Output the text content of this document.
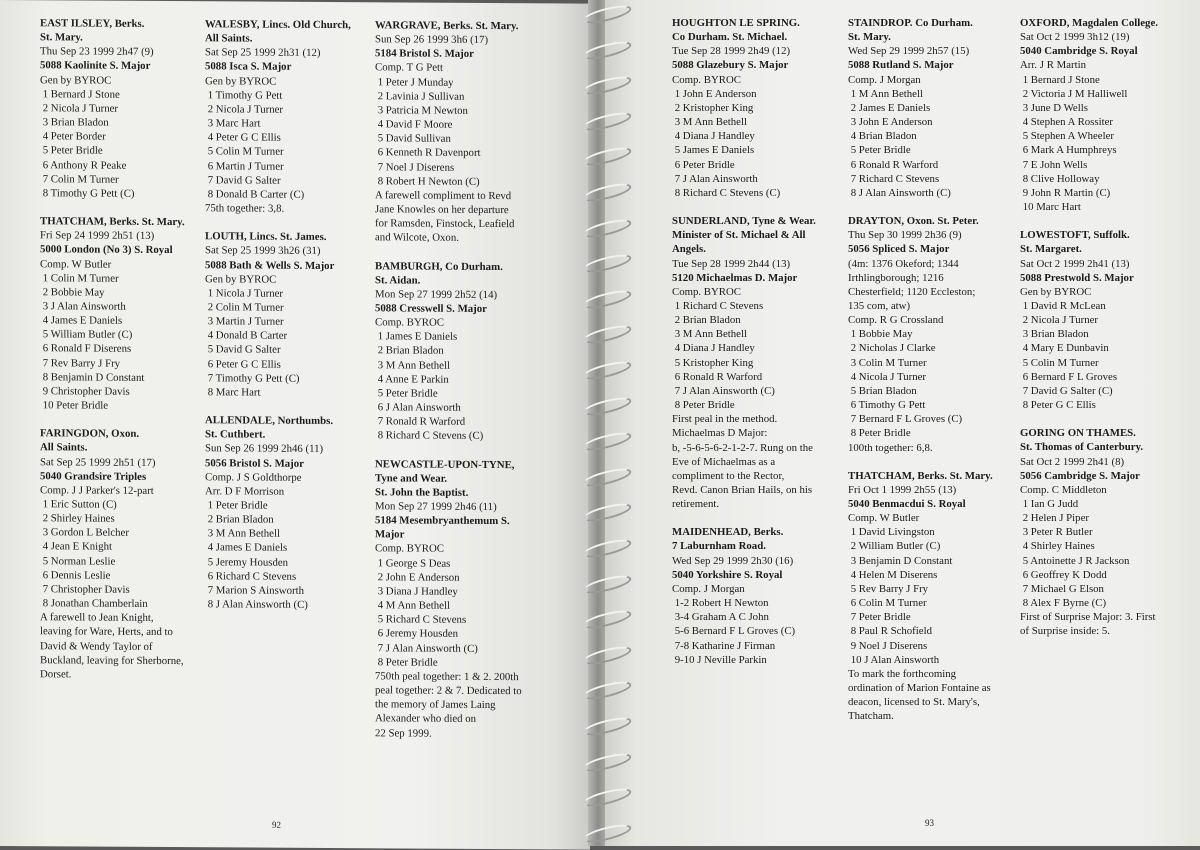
EAST ILSLEY, Berks.
St. Mary.
Thu Sep 23 1999 2h47 (9)
5088 Kaolinite S. Major
Gen by BYROC
1 Bernard J Stone
2 Nicola J Turner
3 Brian Bladon
4 Peter Border
5 Peter Bridle
6 Anthony R Peake
7 Colin M Turner
8 Timothy G Pett (C)
THATCHAM, Berks. St. Mary.
Fri Sep 24 1999 2h51 (13)
5000 London (No 3) S. Royal
Comp. W Butler
1 Colin M Turner
2 Bobbie May
3 J Alan Ainsworth
4 James E Daniels
5 William Butler (C)
6 Ronald F Diserens
7 Rev Barry J Fry
8 Benjamin D Constant
9 Christopher Davis
10 Peter Bridle
FARINGDON, Oxon.
All Saints.
Sat Sep 25 1999 2h51 (17)
5040 Grandsire Triples
Comp. J J Parker's 12-part
1 Eric Sutton (C)
2 Shirley Haines
3 Gordon L Belcher
4 Jean E Knight
5 Norman Leslie
6 Dennis Leslie
7 Christopher Davis
8 Jonathan Chamberlain
A farewell to Jean Knight,
leaving for Ware, Herts, and to
David & Wendy Taylor of
Buckland, leaving for Sherborne,
Dorset.
WALESBY, Lincs. Old Church,
All Saints.
Sat Sep 25 1999 2h31 (12)
5088 Isca S. Major
Gen by BYROC
1 Timothy G Pett
2 Nicola J Turner
3 Marc Hart
4 Peter G C Ellis
5 Colin M Turner
6 Martin J Turner
7 David G Salter
8 Donald B Carter (C)
75th together: 3,8.
LOUTH, Lincs. St. James.
Sat Sep 25 1999 3h26 (31)
5088 Bath & Wells S. Major
Gen by BYROC
1 Nicola J Turner
2 Colin M Turner
3 Martin J Turner
4 Donald B Carter
5 David G Salter
6 Peter G C Ellis
7 Timothy G Pett (C)
8 Marc Hart
ALLENDALE, Northumbs.
St. Cuthbert.
Sun Sep 26 1999 2h46 (11)
5056 Bristol S. Major
Comp. J S Goldthorpe
Arr. D F Morrison
1 Peter Bridle
2 Brian Bladon
3 M Ann Bethell
4 James E Daniels
5 Jeremy Housden
6 Richard C Stevens
7 Marion S Ainsworth
8 J Alan Ainsworth (C)
WARGRAVE, Berks. St. Mary.
Sun Sep 26 1999 3h6 (17)
5184 Bristol S. Major
Comp. T G Pett
1 Peter J Munday
2 Lavinia J Sullivan
3 Patricia M Newton
4 David F Moore
5 David Sullivan
6 Kenneth R Davenport
7 Noel J Diserens
8 Robert H Newton (C)
A farewell compliment to Revd
Jane Knowles on her departure
for Ramsden, Finstock, Leafield
and Wilcote, Oxon.
BAMBURGH, Co Durham.
St. Aidan.
Mon Sep 27 1999 2h52 (14)
5088 Cresswell S. Major
Comp. BYROC
1 James E Daniels
2 Brian Bladon
3 M Ann Bethell
4 Anne E Parkin
5 Peter Bridle
6 J Alan Ainsworth
7 Ronald R Warford
8 Richard C Stevens (C)
NEWCASTLE-UPON-TYNE,
Tyne and Wear.
St. John the Baptist.
Mon Sep 27 1999 2h46 (11)
5184 Mesembryanthemum S.
Major
Comp. BYROC
1 George S Deas
2 John E Anderson
3 Diana J Handley
4 M Ann Bethell
5 Richard C Stevens
6 Jeremy Housden
7 J Alan Ainsworth (C)
8 Peter Bridle
750th peal together: 1 & 2. 200th
peal together: 2 & 7. Dedicated to
the memory of James Laing
Alexander who died on
22 Sep 1999.
92
HOUGHTON LE SPRING.
Co Durham. St. Michael.
Tue Sep 28 1999 2h49 (12)
5088 Glazebury S. Major
Comp. BYROC
1 John E Anderson
2 Kristopher King
3 M Ann Bethell
4 Diana J Handley
5 James E Daniels
6 Peter Bridle
7 J Alan Ainsworth
8 Richard C Stevens (C)
SUNDERLAND, Tyne & Wear.
Minister of St. Michael & All
Angels.
Tue Sep 28 1999 2h44 (13)
5120 Michaelmas D. Major
Comp. BYROC
1 Richard C Stevens
2 Brian Bladon
3 M Ann Bethell
4 Diana J Handley
5 Kristopher King
6 Ronald R Warford
7 J Alan Ainsworth (C)
8 Peter Bridle
First peal in the method.
Michaelmas D Major:
b, -5-6-5-6-2-1-2-7. Rung on the
Eve of Michaelmas as a
compliment to the Rector,
Revd. Canon Brian Hails, on his
retirement.
MAIDENHEAD, Berks.
7 Laburnham Road.
Wed Sep 29 1999 2h30 (16)
5040 Yorkshire S. Royal
Comp. J Morgan
1-2 Robert H Newton
3-4 Graham A C John
5-6 Bernard F L Groves (C)
7-8 Katharine J Firman
9-10 J Neville Parkin
STAINDROP. Co Durham.
St. Mary.
Wed Sep 29 1999 2h57 (15)
5088 Rutland S. Major
Comp. J Morgan
1 M Ann Bethell
2 James E Daniels
3 John E Anderson
4 Brian Bladon
5 Peter Bridle
6 Ronald R Warford
7 Richard C Stevens
8 J Alan Ainsworth (C)
DRAYTON, Oxon. St. Peter.
Thu Sep 30 1999 2h36 (9)
5056 Spliced S. Major
(4m: 1376 Okeford; 1344
Irthlingborough; 1216
Chesterfield; 1120 Eccleston;
135 com, atw)
Comp. R G Crossland
1 Bobbie May
2 Nicholas J Clarke
3 Colin M Turner
4 Nicola J Turner
5 Brian Bladon
6 Timothy G Pett
7 Bernard F L Groves (C)
8 Peter Bridle
100th together: 6,8.
THATCHAM, Berks. St. Mary.
Fri Oct 1 1999 2h55 (13)
5040 Benmacdui S. Royal
Comp. W Butler
1 David Livingston
2 William Butler (C)
3 Benjamin D Constant
4 Helen M Diserens
5 Rev Barry J Fry
6 Colin M Turner
7 Peter Bridle
8 Paul R Schofield
9 Noel J Diserens
10 J Alan Ainsworth
To mark the forthcoming
ordination of Marion Fontaine as
deacon, licensed to St. Mary's,
Thatcham.
OXFORD, Magdalen College.
Sat Oct 2 1999 3h12 (19)
5040 Cambridge S. Royal
Arr. J R Martin
1 Bernard J Stone
2 Victoria J M Halliwell
3 June D Wells
4 Stephen A Rossiter
5 Stephen A Wheeler
6 Mark A Humphreys
7 E John Wells
8 Clive Holloway
9 John R Martin (C)
10 Marc Hart
LOWESTOFT, Suffolk.
St. Margaret.
Sat Oct 2 1999 2h41 (13)
5088 Prestwold S. Major
Gen by BYROC
1 David R McLean
2 Nicola J Turner
3 Brian Bladon
4 Mary E Dunbavin
5 Colin M Turner
6 Bernard F L Groves
7 David G Salter (C)
8 Peter G C Ellis
GORING ON THAMES.
St. Thomas of Canterbury.
Sat Oct 2 1999 2h41 (8)
5056 Cambridge S. Major
Comp. C Middleton
1 Ian G Judd
2 Helen J Piper
3 Peter R Butler
4 Shirley Haines
5 Antoinette J R Jackson
6 Geoffrey K Dodd
7 Michael G Elson
8 Alex F Byrne (C)
First of Surprise Major: 3. First
of Surprise inside: 5.
93
